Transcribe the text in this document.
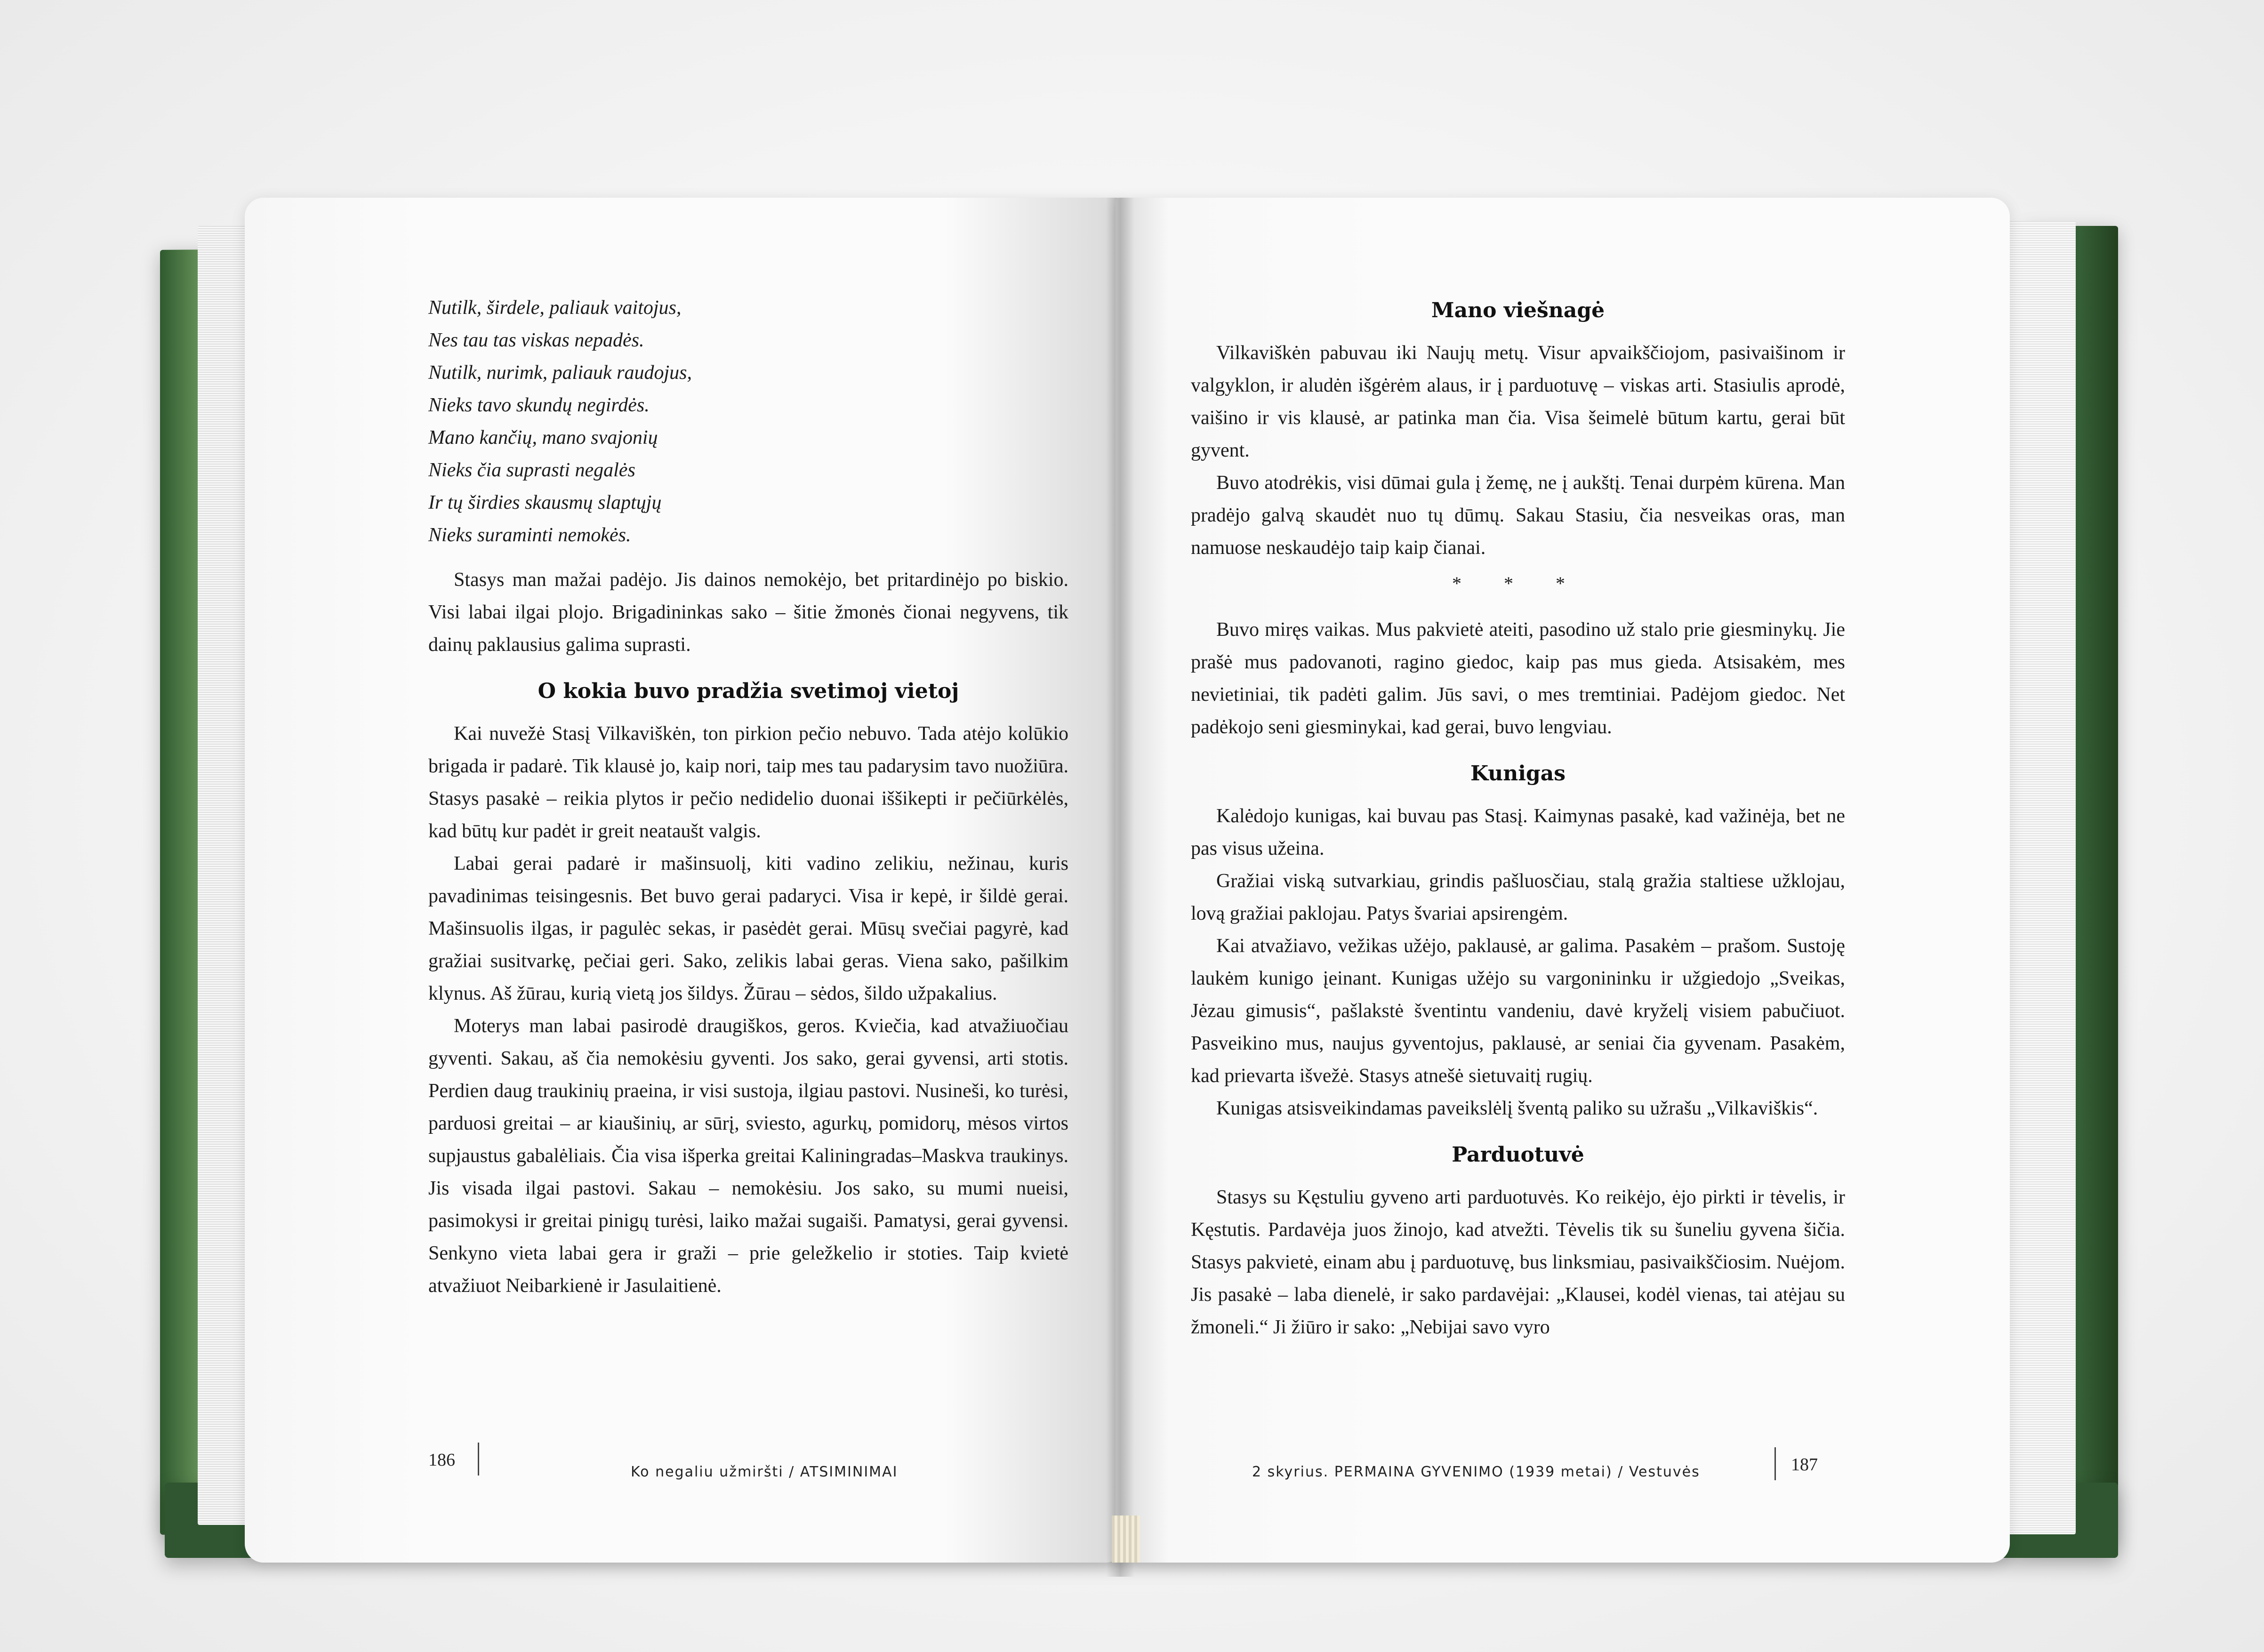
Nutilk, širdele, paliauk vaitojus,
Nes tau tas viskas nepadės.
Nutilk, nurimk, paliauk raudojus,
Nieks tavo skundų negirdės.
Mano kančių, mano svajonių
Nieks čia suprasti negalės
Ir tų širdies skausmų slaptųjų
Nieks suraminti nemokės.

Stasys man mažai padėjo. Jis dainos nemokėjo, bet pritardinėjo po biskio. Visi labai ilgai plojo. Brigadininkas sako – šitie žmonės čionai negyvens, tik dainų paklausius galima suprasti.

O kokia buvo pradžia svetimoj vietoj

Kai nuvežė Stasį Vilkaviškėn, ton pirkion pečio nebuvo. Tada atėjo kolūkio brigada ir padarė. Tik klausė jo, kaip nori, taip mes tau padarysim tavo nuožiūra. Stasys pasakė – reikia plytos ir pečio nedidelio duonai iššikepti ir pečiūrkėlės, kad būtų kur padėt ir greit neataušt valgis.

Labai gerai padarė ir mašinsuolį, kiti vadino zelikiu, nežinau, kuris pavadinimas teisingesnis. Bet buvo gerai padaryci. Visa ir kepė, ir šildė gerai. Mašinsuolis ilgas, ir pagulėc sekas, ir pasėdėt gerai. Mūsų svečiai pagyrė, kad gražiai susitvarkę, pečiai geri. Sako, zelikis labai geras. Viena sako, pašilkim klynus. Aš žūrau, kurią vietą jos šildys. Žūrau – sėdos, šildo užpakalius.

Moterys man labai pasirodė draugiškos, geros. Kviečia, kad atvažiuočiau gyventi. Sakau, aš čia nemokėsiu gyventi. Jos sako, gerai gyvensi, arti stotis. Perdien daug traukinių praeina, ir visi sustoja, ilgiau pastovi. Nusineši, ko turėsi, parduosi greitai – ar kiaušinių, ar sūrį, sviesto, agurkų, pomidorų, mėsos virtos supjaustus gabalėliais. Čia visa išperka greitai Kaliningradas–Maskva traukinys. Jis visada ilgai pastovi. Sakau – nemokėsiu. Jos sako, su mumi nueisi, pasimokysi ir greitai pinigų turėsi, laiko mažai sugaiši. Pamatysi, gerai gyvensi. Senkyno vieta labai gera ir graži – prie geležkelio ir stoties. Taip kvietė atvažiuot Neibarkienė ir Jasulaitienė.

186
Ko negaliu užmiršti / ATSIMINIMAI
Mano viešnagė

Vilkaviškėn pabuvau iki Naujų metų. Visur apvaikščiojom, pasivaišinom ir valgyklon, ir aludėn išgėrėm alaus, ir į parduotuvę – viskas arti. Stasiulis aprodė, vaišino ir vis klausė, ar patinka man čia. Visa šeimelė būtum kartu, gerai būt gyvent.

Buvo atodrėkis, visi dūmai gula į žemę, ne į aukštį. Tenai durpėm kūrena. Man pradėjo galvą skaudėt nuo tų dūmų. Sakau Stasiu, čia nesveikas oras, man namuose neskaudėjo taip kaip čianai.

* * *

Buvo miręs vaikas. Mus pakvietė ateiti, pasodino už stalo prie giesminykų. Jie prašė mus padovanoti, ragino giedoc, kaip pas mus gieda. Atsisakėm, mes nevietiniai, tik padėti galim. Jūs savi, o mes tremtiniai. Padėjom giedoc. Net padėkojo seni giesminykai, kad gerai, buvo lengviau.

Kunigas

Kalėdojo kunigas, kai buvau pas Stasį. Kaimynas pasakė, kad važinėja, bet ne pas visus užeina.

Gražiai viską sutvarkiau, grindis pašluosčiau, stalą gražia staltiese užklojau, lovą gražiai paklojau. Patys švariai apsirengėm.

Kai atvažiavo, vežikas užėjo, paklausė, ar galima. Pasakėm – prašom. Sustoję laukėm kunigo įeinant. Kunigas užėjo su vargonininku ir užgiedojo „Sveikas, Jėzau gimusis“, pašlakstė šventintu vandeniu, davė kryželį visiem pabučiuot. Pasveikino mus, naujus gyventojus, paklausė, ar seniai čia gyvenam. Pasakėm, kad prievarta išvežė. Stasys atnešė sietuvaitį rugių.

Kunigas atsisveikindamas paveikslėlį šventą paliko su užrašu „Vilkaviškis“.

Parduotuvė

Stasys su Kęstuliu gyveno arti parduotuvės. Ko reikėjo, ėjo pirkti ir tėvelis, ir Kęstutis. Pardavėja juos žinojo, kad atvežti. Tėvelis tik su šuneliu gyvena šičia. Stasys pakvietė, einam abu į parduotuvę, bus linksmiau, pasivaikščiosim. Nuėjom. Jis pasakė – laba dienelė, ir sako pardavėjai: „Klausei, kodėl vienas, tai atėjau su žmoneli.“ Ji žiūro ir sako: „Nebijai savo vyro

2 skyrius. PERMAINA GYVENIMO (1939 metai) / Vestuvės	187
